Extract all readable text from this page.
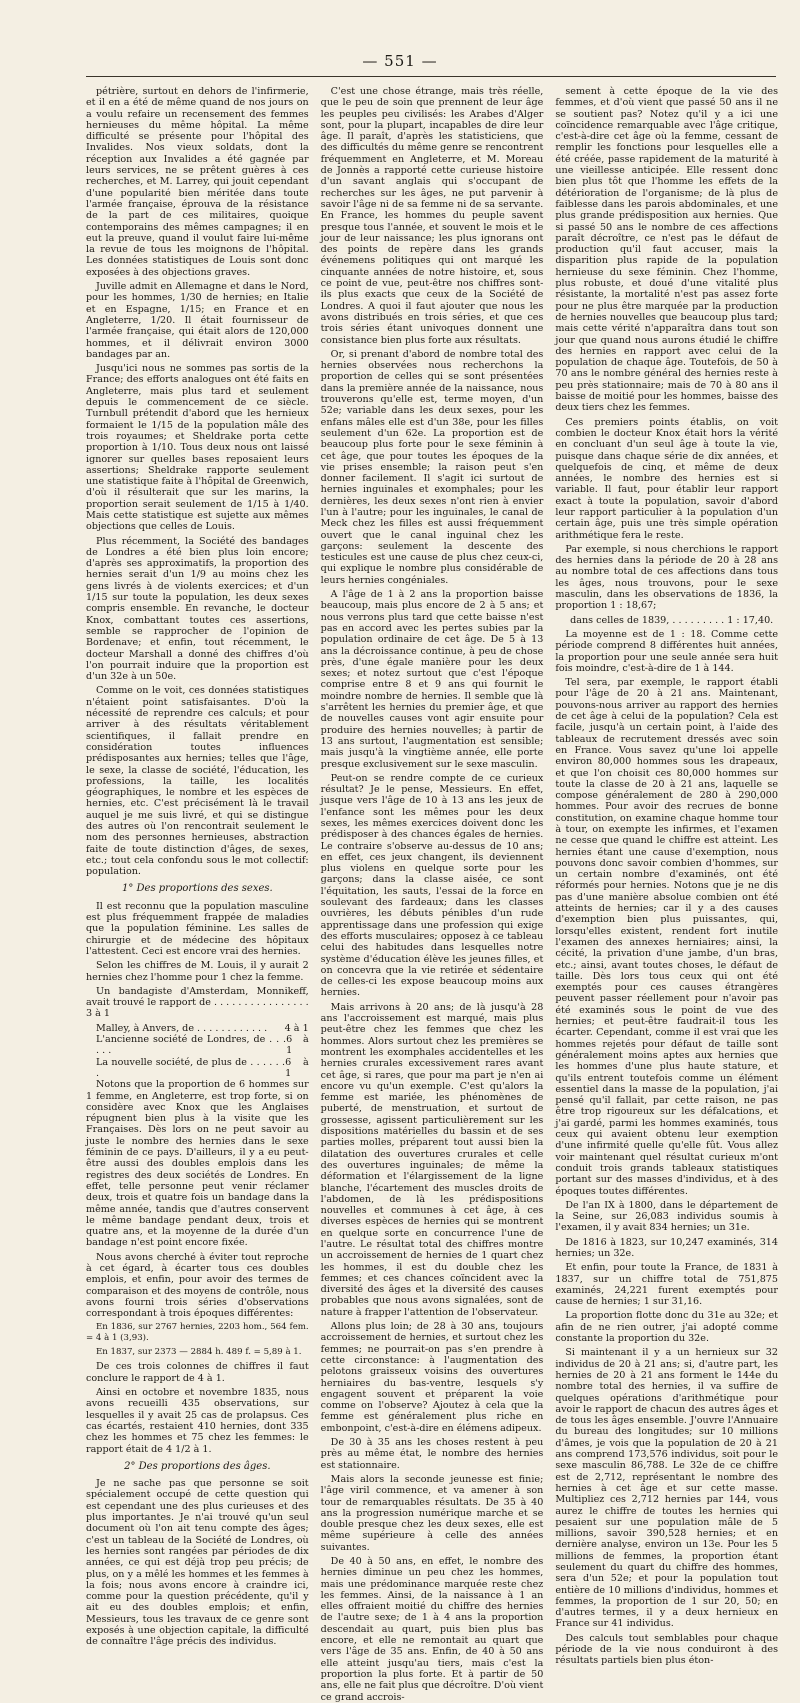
— 551 —

pétrière, surtout en dehors de l'infirmerie, et il en a été de même quand de nos jours on a voulu refaire un recensement des femmes hernieuses du même hôpital. La même difficulté se présente pour l'hôpital des Invalides. Nos vieux soldats, dont la réception aux Invalides a été gagnée par leurs services, ne se prêtent guères à ces recherches, et M. Larrey, qui jouit cependant d'une popularité bien méritée dans toute l'armée française, éprouva de la résistance de la part de ces militaires, quoique contemporains des mêmes campagnes; il en eut la preuve, quand il voulut faire lui-même la revue de tous les moignons de l'hôpital. Les données statistiques de Louis sont donc exposées à des objections graves.

Juville admit en Allemagne et dans le Nord, pour les hommes, 1/30 de hernies; en Italie et en Espagne, 1/15; en France et en Angleterre, 1/20. Il était fournisseur de l'armée française, qui était alors de 120,000 hommes, et il délivrait environ 3000 bandages par an.

Jusqu'ici nous ne sommes pas sortis de la France; des efforts analogues ont été faits en Angleterre, mais plus tard et seulement depuis le commencement de ce siècle. Turnbull prétendit d'abord que les hernieux formaient le 1/15 de la population mâle des trois royaumes; et Sheldrake porta cette proportion à 1/10. Tous deux nous ont laissé ignorer sur quelles bases reposaient leurs assertions; Sheldrake rapporte seulement une statistique faite à l'hôpital de Greenwich, d'où il résulterait que sur les marins, la proportion serait seulement de 1/15 à 1/40. Mais cette statistique est sujette aux mêmes objections que celles de Louis.

Plus récemment, la Société des bandages de Londres a été bien plus loin encore; d'après ses approximatifs, la proportion des hernies serait d'un 1/9 au moins chez les gens livrés à de violents exercices; et d'un 1/15 sur toute la population, les deux sexes compris ensemble. En revanche, le docteur Knox, combattant toutes ces assertions, semble se rapprocher de l'opinion de Bordenave; et enfin, tout récemment, le docteur Marshall a donné des chiffres d'où l'on pourrait induire que la proportion est d'un 32e à un 50e.

Comme on le voit, ces données statistiques n'étaient point satisfaisantes. D'où la nécessité de reprendre ces calculs; et pour arriver à des résultats véritablement scientifiques, il fallait prendre en considération toutes influences prédisposantes aux hernies; telles que l'âge, le sexe, la classe de société, l'éducation, les professions, la taille, les localités géographiques, le nombre et les espèces de hernies, etc. C'est précisément là le travail auquel je me suis livré, et qui se distingue des autres où l'on rencontrait seulement le nom des personnes hernieuses, abstraction faite de toute distinction d'âges, de sexes, etc.; tout cela confondu sous le mot collectif: population.

1° Des proportions des sexes.

Il est reconnu que la population masculine est plus fréquemment frappée de maladies que la population féminine. Les salles de chirurgie et de médecine des hôpitaux l'attestent. Ceci est encore vrai des hernies.

Selon les chiffres de M. Louis, il y aurait 2 hernies chez l'homme pour 1 chez la femme.

Un bandagiste d'Amsterdam, Monnikeff, avait trouvé le rapport de . . . . . . . . . . . . . . . . 3 à 1

Malley, à Anvers, de . . . . . . . . . . . . 4 à 1
L'ancienne société de Londres, de . . . . . .
6 à 1
La nouvelle société, de plus de . . . . . . .
6 à 1

Notons que la proportion de 6 hommes sur 1 femme, en Angleterre, est trop forte, si on considère avec Knox que les Anglaises répugnent bien plus à la visite que les Françaises. Dès lors on ne peut savoir au juste le nombre des hernies dans le sexe féminin de ce pays. D'ailleurs, il y a eu peut-être aussi des doubles emplois dans les registres des deux sociétés de Londres. En effet, telle personne peut venir réclamer deux, trois et quatre fois un bandage dans la même année, tandis que d'autres conservent le même bandage pendant deux, trois et quatre ans, et la moyenne de la durée d'un bandage n'est point encore fixée.

Nous avons cherché à éviter tout reproche à cet égard, à écarter tous ces doubles emplois, et enfin, pour avoir des termes de comparaison et des moyens de contrôle, nous avons fourni trois séries d'observations correspondant à trois époques différentes:

En 1836, sur 2767 hernies, 2203 hom., 564 fem. = 4 à 1 (3,93).

En 1837, sur 2373 — 2884 h. 489 f. = 5,89 à 1.

De ces trois colonnes de chiffres il faut conclure le rapport de 4 à 1.

Ainsi en octobre et novembre 1835, nous avons recueilli 435 observations, sur lesquelles il y avait 25 cas de prolapsus. Ces cas écartés, restaient 410 hernies, dont 335 chez les hommes et 75 chez les femmes: le rapport était de 4 1/2 à 1.

2° Des proportions des âges.

Je ne sache pas que personne se soit spécialement occupé de cette question qui est cependant une des plus curieuses et des plus importantes. Je n'ai trouvé qu'un seul document où l'on ait tenu compte des âges; c'est un tableau de la Société de Londres, où les hernies sont rangées par périodes de dix années, ce qui est déjà trop peu précis; de plus, on y a mêlé les hommes et les femmes à la fois; nous avons encore à craindre ici, comme pour la question précédente, qu'il y ait eu des doubles emplois; et enfin, Messieurs, tous les travaux de ce genre sont exposés à une objection capitale, la difficulté de connaître l'âge précis des individus.

C'est une chose étrange, mais très réelle, que le peu de soin que prennent de leur âge les peuples peu civilisés: les Arabes d'Alger sont, pour la plupart, incapables de dire leur âge. Il paraît, d'après les statisticiens, que des difficultés du même genre se rencontrent fréquemment en Angleterre, et M. Moreau de Jonnès a rapporté cette curieuse histoire d'un savant anglais qui s'occupant de recherches sur les âges, ne put parvenir à savoir l'âge ni de sa femme ni de sa servante. En France, les hommes du peuple savent presque tous l'année, et souvent le mois et le jour de leur naissance; les plus ignorans ont des points de repère dans les grands événemens politiques qui ont marqué les cinquante années de notre histoire, et, sous ce point de vue, peut-être nos chiffres sont-ils plus exacts que ceux de la Société de Londres. A quoi il faut ajouter que nous les avons distribués en trois séries, et que ces trois séries étant univoques donnent une consistance bien plus forte aux résultats.

Or, si prenant d'abord de nombre total des hernies observées nous recherchons la proportion de celles qui se sont présentées dans la première année de la naissance, nous trouverons qu'elle est, terme moyen, d'un 52e; variable dans les deux sexes, pour les enfans mâles elle est d'un 38e, pour les filles seulement d'un 62e. La proportion est de beaucoup plus forte pour le sexe féminin à cet âge, que pour toutes les époques de la vie prises ensemble; la raison peut s'en donner facilement. Il s'agit ici surtout de hernies inguinales et exomphales; pour les dernières, les deux sexes n'ont rien à envier l'un à l'autre; pour les inguinales, le canal de Meck chez les filles est aussi fréquemment ouvert que le canal inguinal chez les garçons: seulement la descente des testicules est une cause de plus chez ceux-ci, qui explique le nombre plus considérable de leurs hernies congéniales.

A l'âge de 1 à 2 ans la proportion baisse beaucoup, mais plus encore de 2 à 5 ans; et nous verrons plus tard que cette baisse n'est pas en accord avec les pertes subies par la population ordinaire de cet âge. De 5 à 13 ans la décroissance continue, à peu de chose près, d'une égale manière pour les deux sexes; et notez surtout que c'est l'époque comprise entre 8 et 9 ans qui fournit le moindre nombre de hernies. Il semble que là s'arrêtent les hernies du premier âge, et que de nouvelles causes vont agir ensuite pour produire des hernies nouvelles; à partir de 13 ans surtout, l'augmentation est sensible; mais jusqu'à la vingtième année, elle porte presque exclusivement sur le sexe masculin.

Peut-on se rendre compte de ce curieux résultat? Je le pense, Messieurs. En effet, jusque vers l'âge de 10 à 13 ans les jeux de l'enfance sont les mêmes pour les deux sexes, les mêmes exercices doivent donc les prédisposer à des chances égales de hernies. Le contraire s'observe au-dessus de 10 ans; en effet, ces jeux changent, ils deviennent plus violens en quelque sorte pour les garçons; dans la classe aisée, ce sont l'équitation, les sauts, l'essai de la force en soulevant des fardeaux; dans les classes ouvrières, les débuts pénibles d'un rude apprentissage dans une profession qui exige des efforts musculaires; opposez à ce tableau celui des habitudes dans lesquelles notre système d'éducation élève les jeunes filles, et on concevra que la vie retirée et sédentaire de celles-ci les expose beaucoup moins aux hernies.

Mais arrivons à 20 ans; de là jusqu'à 28 ans l'accroissement est marqué, mais plus peut-être chez les femmes que chez les hommes. Alors surtout chez les premières se montrent les exomphales accidentelles et les hernies crurales excessivement rares avant cet âge, si rares, que pour ma part je n'en ai encore vu qu'un exemple. C'est qu'alors la femme est mariée, les phénomènes de puberté, de menstruation, et surtout de grossesse, agissent particulièrement sur les dispositions matérielles du bassin et de ses parties molles, préparent tout aussi bien la dilatation des ouvertures crurales et celle des ouvertures inguinales; de même la déformation et l'élargissement de la ligne blanche, l'écartement des muscles droits de l'abdomen, de là les prédispositions nouvelles et communes à cet âge, à ces diverses espèces de hernies qui se montrent en quelque sorte en concurrence l'une de l'autre. Le résultat total des chiffres montre un accroissement de hernies de 1 quart chez les hommes, il est du double chez les femmes; et ces chances coïncident avec la diversité des âges et la diversité des causes probables que nous avons signalées, sont de nature à frapper l'attention de l'observateur.

Allons plus loin; de 28 à 30 ans, toujours accroissement de hernies, et surtout chez les femmes; ne pourrait-on pas s'en prendre à cette circonstance: à l'augmentation des pelotons graisseux voisins des ouvertures herniaires du bas-ventre, lesquels s'y engagent souvent et préparent la voie comme on l'observe? Ajoutez à cela que la femme est généralement plus riche en embonpoint, c'est-à-dire en élémens adipeux.

De 30 à 35 ans les choses restent à peu près au même état, le nombre des hernies est stationnaire.

Mais alors la seconde jeunesse est finie; l'âge viril commence, et va amener à son tour de remarquables résultats. De 35 à 40 ans la progression numérique marche et se double presque chez les deux sexes, elle est même supérieure à celle des années suivantes.

De 40 à 50 ans, en effet, le nombre des hernies diminue un peu chez les hommes, mais une prédominance marquée reste chez les femmes. Ainsi, de la naissance à 1 an elles offraient moitié du chiffre des hernies de l'autre sexe; de 1 à 4 ans la proportion descendait au quart, puis bien plus bas encore, et elle ne remontait au quart que vers l'âge de 35 ans. Enfin, de 40 à 50 ans elle atteint jusqu'au tiers, mais c'est la proportion la plus forte. Et à partir de 50 ans, elle ne fait plus que décroître. D'où vient ce grand accrois-

sement à cette époque de la vie des femmes, et d'où vient que passé 50 ans il ne se soutient pas? Notez qu'il y a ici une coïncidence remarquable avec l'âge critique, c'est-à-dire cet âge où la femme, cessant de remplir les fonctions pour lesquelles elle a été créée, passe rapidement de la maturité à une vieillesse anticipée. Elle ressent donc bien plus tôt que l'homme les effets de la détérioration de l'organisme; de là plus de faiblesse dans les parois abdominales, et une plus grande prédisposition aux hernies. Que si passé 50 ans le nombre de ces affections paraît décroître, ce n'est pas le défaut de production qu'il faut accuser, mais la disparition plus rapide de la population hernieuse du sexe féminin. Chez l'homme, plus robuste, et doué d'une vitalité plus résistante, la mortalité n'est pas assez forte pour ne plus être marquée par la production de hernies nouvelles que beaucoup plus tard; mais cette vérité n'apparaîtra dans tout son jour que quand nous aurons étudié le chiffre des hernies en rapport avec celui de la population de chaque âge. Toutefois, de 50 à 70 ans le nombre général des hernies reste à peu près stationnaire; mais de 70 à 80 ans il baisse de moitié pour les hommes, baisse des deux tiers chez les femmes.

Ces premiers points établis, on voit combien le docteur Knox était hors la vérité en concluant d'un seul âge à toute la vie, puisque dans chaque série de dix années, et quelquefois de cinq, et même de deux années, le nombre des hernies est si variable. Il faut, pour établir leur rapport exact à toute la population, savoir d'abord leur rapport particulier à la population d'un certain âge, puis une très simple opération arithmétique fera le reste.

Par exemple, si nous cherchions le rapport des hernies dans la période de 20 à 28 ans au nombre total de ces affections dans tous les âges, nous trouvons, pour le sexe masculin, dans les observations de 1836, la proportion 1 : 18,67;

dans celles de 1839, . . . . . . . . . 1 : 17,40.

La moyenne est de 1 : 18. Comme cette période comprend 8 différentes huit années, la proportion pour une seule année sera huit fois moindre, c'est-à-dire de 1 à 144.

Tel sera, par exemple, le rapport établi pour l'âge de 20 à 21 ans. Maintenant, pouvons-nous arriver au rapport des hernies de cet âge à celui de la population? Cela est facile, jusqu'à un certain point, à l'aide des tableaux de recrutement dressés avec soin en France. Vous savez qu'une loi appelle environ 80,000 hommes sous les drapeaux, et que l'on choisit ces 80,000 hommes sur toute la classe de 20 à 21 ans, laquelle se compose généralement de 280 à 290,000 hommes. Pour avoir des recrues de bonne constitution, on examine chaque homme tour à tour, on exempte les infirmes, et l'examen ne cesse que quand le chiffre est atteint. Les hernies étant une cause d'exemption, nous pouvons donc savoir combien d'hommes, sur un certain nombre d'examinés, ont été réformés pour hernies. Notons que je ne dis pas d'une manière absolue combien ont été atteints de hernies; car il y a des causes d'exemption bien plus puissantes, qui, lorsqu'elles existent, rendent fort inutile l'examen des annexes herniaires; ainsi, la cécité, la privation d'une jambe, d'un bras, etc.; ainsi, avant toutes choses, le défaut de taille. Dès lors tous ceux qui ont été exemptés pour ces causes étrangères peuvent passer réellement pour n'avoir pas été examinés sous le point de vue des hernies; et peut-être faudrait-il tous les écarter. Cependant, comme il est vrai que les hommes rejetés pour défaut de taille sont généralement moins aptes aux hernies que les hommes d'une plus haute stature, et qu'ils entrent toutefois comme un élément essentiel dans la masse de la population, j'ai pensé qu'il fallait, par cette raison, ne pas être trop rigoureux sur les défalcations, et j'ai gardé, parmi les hommes examinés, tous ceux qui avaient obtenu leur exemption d'une infirmité quelle qu'elle fût. Vous allez voir maintenant quel résultat curieux m'ont conduit trois grands tableaux statistiques portant sur des masses d'individus, et à des époques toutes différentes.

De l'an IX à 1800, dans le département de la Seine, sur 26,083 individus soumis à l'examen, il y avait 834 hernies; un 31e.

De 1816 à 1823, sur 10,247 examinés, 314 hernies; un 32e.

Et enfin, pour toute la France, de 1831 à 1837, sur un chiffre total de 751,875 examinés, 24,221 furent exemptés pour cause de hernies; 1 sur 31,16.

La proportion flotte donc du 31e au 32e; et afin de ne rien outrer, j'ai adopté comme constante la proportion du 32e.

Si maintenant il y a un hernieux sur 32 individus de 20 à 21 ans; si, d'autre part, les hernies de 20 à 21 ans forment le 144e du nombre total des hernies, il va suffire de quelques opérations d'arithmétique pour avoir le rapport de chacun des autres âges et de tous les âges ensemble. J'ouvre l'Annuaire du bureau des longitudes; sur 10 millions d'âmes, je vois que la population de 20 à 21 ans comprend 173,576 individus, soit pour le sexe masculin 86,788. Le 32e de ce chiffre est de 2,712, représentant le nombre des hernies à cet âge et sur cette masse. Multipliez ces 2,712 hernies par 144, vous aurez le chiffre de toutes les hernies qui pesaient sur une population mâle de 5 millions, savoir 390,528 hernies; et en dernière analyse, environ un 13e. Pour les 5 millions de femmes, la proportion étant seulement du quart du chiffre des hommes, sera d'un 52e; et pour la population tout entière de 10 millions d'individus, hommes et femmes, la proportion de 1 sur 20, 50; en d'autres termes, il y a deux hernieux en France sur 41 individus.

Des calculs tout semblables pour chaque période de la vie nous conduiront à des résultats partiels bien plus éton-
